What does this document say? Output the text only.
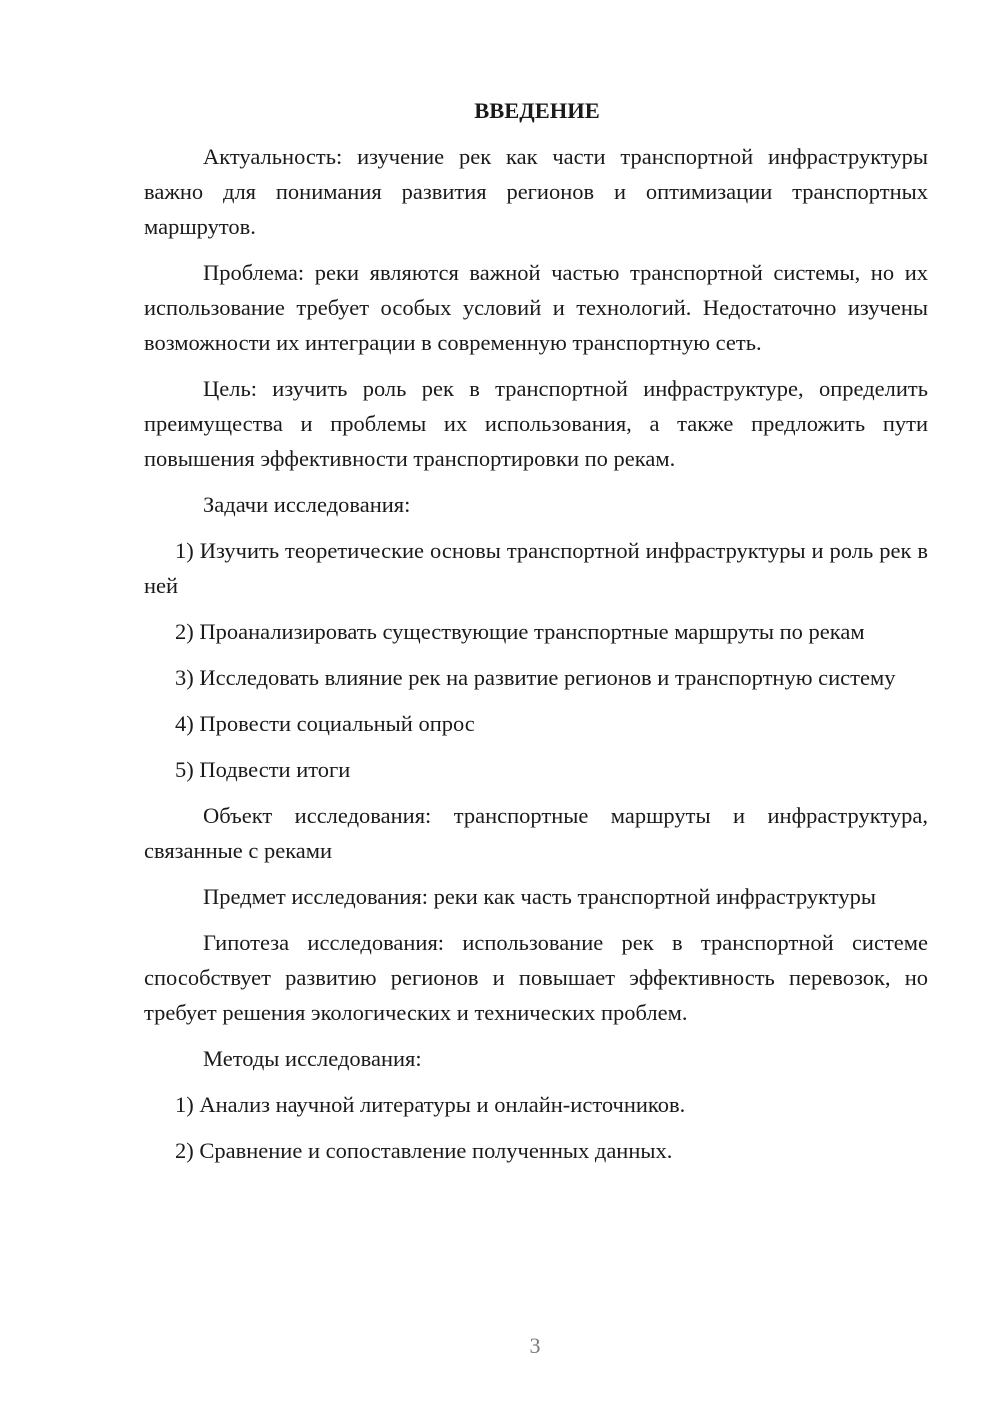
ВВЕДЕНИЕ

Актуальность: изучение рек как части транспортной инфраструктуры важно для понимания развития регионов и оптимизации транспортных маршрутов.

Проблема: реки являются важной частью транспортной системы, но их использование требует особых условий и технологий. Недостаточно изучены возможности их интеграции в современную транспортную сеть.

Цель: изучить роль рек в транспортной инфраструктуре, определить преимущества и проблемы их использования, а также предложить пути повышения эффективности транспортировки по рекам.

Задачи исследования:

1) Изучить теоретические основы транспортной инфраструктуры и роль рек в ней

2) Проанализировать существующие транспортные маршруты по рекам

3) Исследовать влияние рек на развитие регионов и транспортную систему

4) Провести социальный опрос

5) Подвести итоги

Объект исследования: транспортные маршруты и инфраструктура, связанные с реками

Предмет исследования: реки как часть транспортной инфраструктуры

Гипотеза исследования: использование рек в транспортной системе способствует развитию регионов и повышает эффективность перевозок, но требует решения экологических и технических проблем.

Методы исследования:

1) Анализ научной литературы и онлайн-источников.

2) Сравнение и сопоставление полученных данных.

3
